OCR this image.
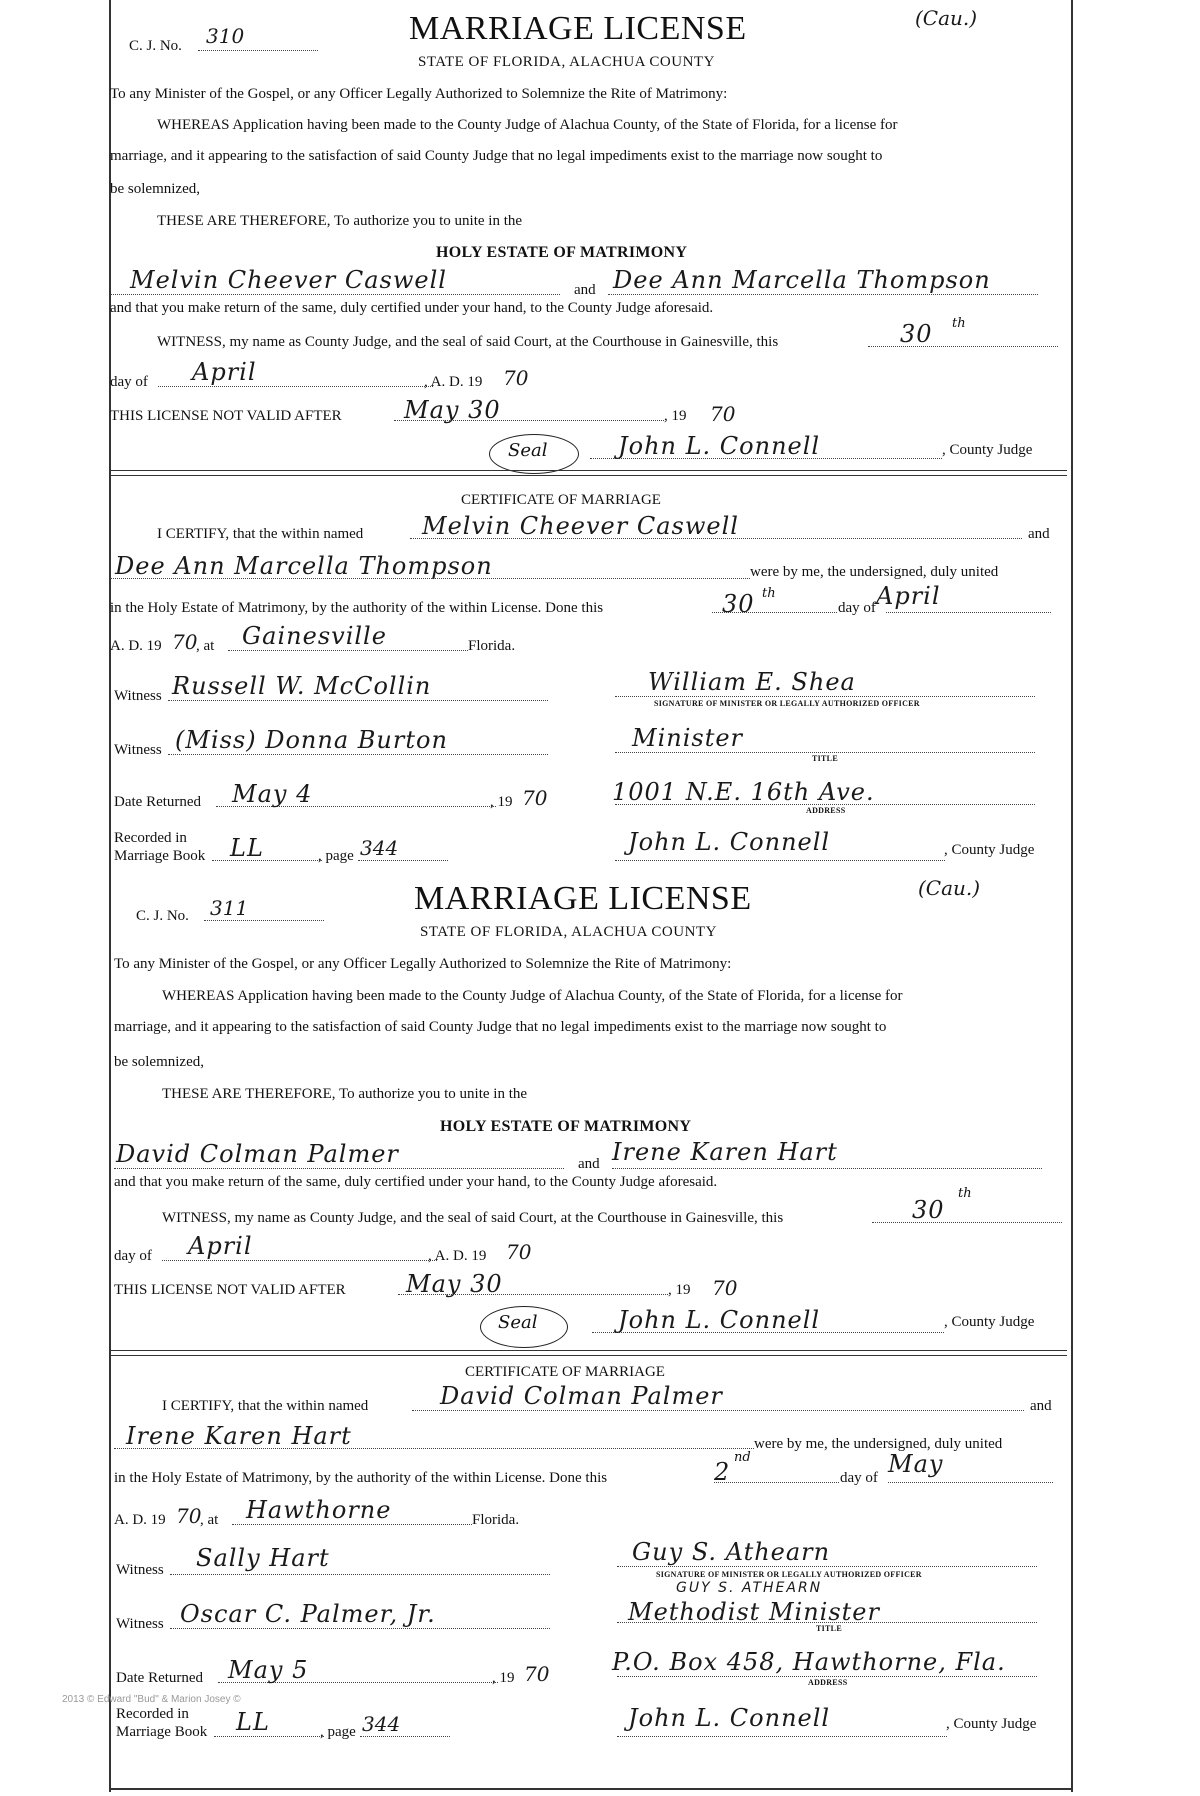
C. J. No. 310	MARRIAGE LICENSE	(Cau.)
STATE OF FLORIDA, ALACHUA COUNTY
To any Minister of the Gospel, or any Officer Legally Authorized to Solemnize the Rite of Matrimony:
WHEREAS Application having been made to the County Judge of Alachua County, of the State of Florida, for a license for
marriage, and it appearing to the satisfaction of said County Judge that no legal impediments exist to the marriage now sought to
be solemnized,
THESE ARE THEREFORE, To authorize you to unite in the
HOLY ESTATE OF MATRIMONY
Melvin Cheever Caswell	and Dee Ann Marcella Thompson
and that you make return of the same, duly certified under your hand, to the County Judge aforesaid.
WITNESS, my name as County Judge, and the seal of said Court, at the Courthouse in Gainesville, this	30 th
day of April	, A. D. 19 70
THIS LICENSE NOT VALID AFTER	May 30	, 19 70
Seal	John L. Connell	, County Judge
CERTIFICATE OF MARRIAGE
I CERTIFY, that the within named Melvin Cheever Caswell	and
Dee Ann Marcella Thompson	were by me, the undersigned, duly united
in the Holy Estate of Matrimony, by the authority of the within License. Done this	30 th
day of April
A. D. 19 70
, at Gainesville	Florida.
Witness Russell W. McCollin	William E. Shea
SIGNATURE OF MINISTER OR LEGALLY AUTHORIZED OFFICER
Witness (Miss) Donna Burton	Minister
TITLE
Date Returned May 4	, 19 70	1001 N.E. 16th Ave.
ADDRESS
Recorded in
Marriage Book LL	, page 344	John L. Connell	, County Judge
C. J. No. 311	MARRIAGE LICENSE	(Cau.)
STATE OF FLORIDA, ALACHUA COUNTY
To any Minister of the Gospel, or any Officer Legally Authorized to Solemnize the Rite of Matrimony:
WHEREAS Application having been made to the County Judge of Alachua County, of the State of Florida, for a license for
marriage, and it appearing to the satisfaction of said County Judge that no legal impediments exist to the marriage now sought to
be solemnized,
THESE ARE THEREFORE, To authorize you to unite in the
HOLY ESTATE OF MATRIMONY
David Colman Palmer	and Irene Karen Hart
and that you make return of the same, duly certified under your hand, to the County Judge aforesaid.
WITNESS, my name as County Judge, and the seal of said Court, at the Courthouse in Gainesville, this	30
th
day of April	, A. D. 19 70
THIS LICENSE NOT VALID AFTER	May 30	, 19 70
Seal	John L. Connell	, County Judge
CERTIFICATE OF MARRIAGE
I CERTIFY, that the within named	David Colman Palmer	and
Irene Karen Hart	were by me, the undersigned, duly united
in the Holy Estate of Matrimony, by the authority of the within License. Done this	2
nd
day of May
A. D. 19 70
, at Hawthorne	Florida.
Witness Sally Hart	Guy S. Athearn
SIGNATURE OF MINISTER OR LEGALLY AUTHORIZED OFFICER
GUY S. ATHEARN
Witness Oscar C. Palmer, Jr.	Methodist Minister
TITLE
Date Returned May 5	, 19 70	P.O. Box 458, Hawthorne, Fla.
ADDRESS
Recorded in
Marriage Book LL	, page 344	John L. Connell	, County Judge
2013 © Edward "Bud" & Marion Josey ©
